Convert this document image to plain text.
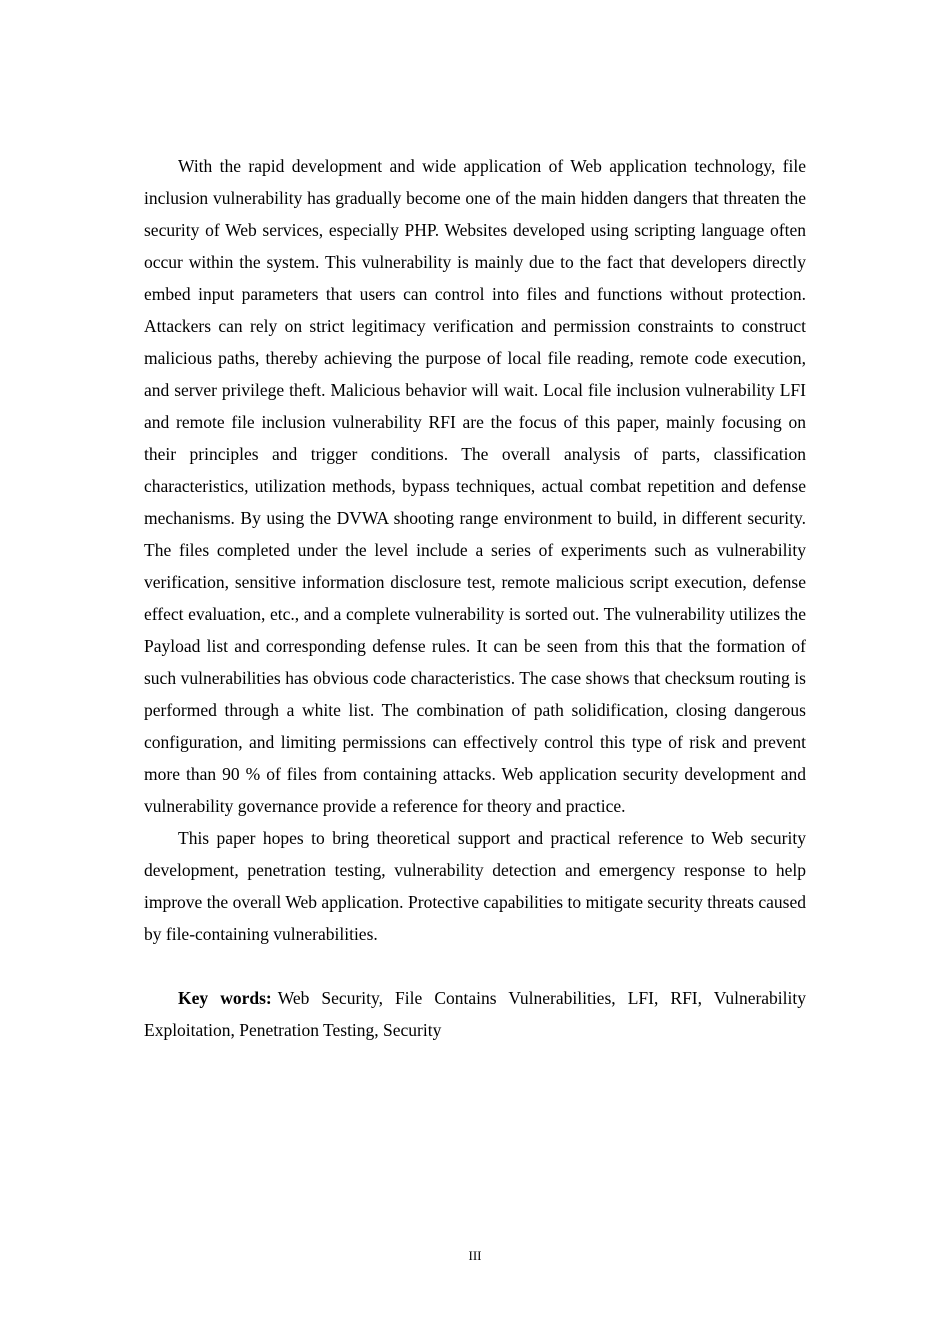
With the rapid development and wide application of Web application technology, file inclusion vulnerability has gradually become one of the main hidden dangers that threaten the security of Web services, especially PHP. Websites developed using scripting language often occur within the system. This vulnerability is mainly due to the fact that developers directly embed input parameters that users can control into files and functions without protection. Attackers can rely on strict legitimacy verification and permission constraints to construct malicious paths, thereby achieving the purpose of local file reading, remote code execution, and server privilege theft. Malicious behavior will wait. Local file inclusion vulnerability LFI and remote file inclusion vulnerability RFI are the focus of this paper, mainly focusing on their principles and trigger conditions. The overall analysis of parts, classification characteristics, utilization methods, bypass techniques, actual combat repetition and defense mechanisms. By using the DVWA shooting range environment to build, in different security. The files completed under the level include a series of experiments such as vulnerability verification, sensitive information disclosure test, remote malicious script execution, defense effect evaluation, etc., and a complete vulnerability is sorted out. The vulnerability utilizes the Payload list and corresponding defense rules. It can be seen from this that the formation of such vulnerabilities has obvious code characteristics. The case shows that checksum routing is performed through a white list. The combination of path solidification, closing dangerous configuration, and limiting permissions can effectively control this type of risk and prevent more than 90 % of files from containing attacks. Web application security development and vulnerability governance provide a reference for theory and practice.

This paper hopes to bring theoretical support and practical reference to Web security development, penetration testing, vulnerability detection and emergency response to help improve the overall Web application. Protective capabilities to mitigate security threats caused by file-containing vulnerabilities.

Key words: Web Security, File Contains Vulnerabilities, LFI, RFI, Vulnerability Exploitation, Penetration Testing, Security

III
